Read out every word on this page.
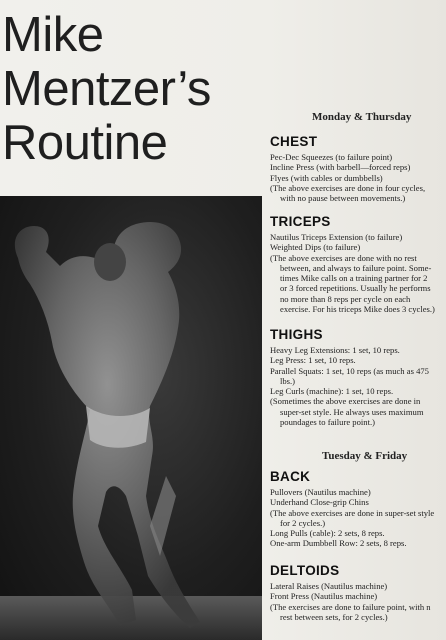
Mike
Mentzer’s
Routine	Monday & Thursday
CHEST
Pec-Dec Squeezes (to failure point)
Incline Press (with barbell—forced reps)
Flyes (with cables or dumbbells)
(The above exercises are done in four cycles,
with no pause between movements.)
TRICEPS
Nautilus Triceps Extension (to failure)
Weighted Dips (to failure)
(The above exercises are done with no rest
between, and always to failure point. Some-
times Mike calls on a training partner for 2
or 3 forced repetitions. Usually he performs
no more than 8 reps per cycle on each
exercise. For his triceps Mike does 3 cycles.)
THIGHS
Heavy Leg Extensions: 1 set, 10 reps.
Leg Press: 1 set, 10 reps.
Parallel Squats: 1 set, 10 reps (as much as 475
lbs.)
Leg Curls (machine): 1 set, 10 reps.
(Sometimes the above exercises are done in
super-set style. He always uses maximum
poundages to failure point.)
Tuesday & Friday
BACK
Pullovers (Nautilus machine)
Underhand Close-grip Chins
(The above exercises are done in super-set style
for 2 cycles.)
Long Pulls (cable): 2 sets, 8 reps.
One-arm Dumbbell Row: 2 sets, 8 reps.
DELTOIDS
Lateral Raises (Nautilus machine)
Front Press (Nautilus machine)
(The exercises are done to failure point, with n
rest between sets, for 2 cycles.)
